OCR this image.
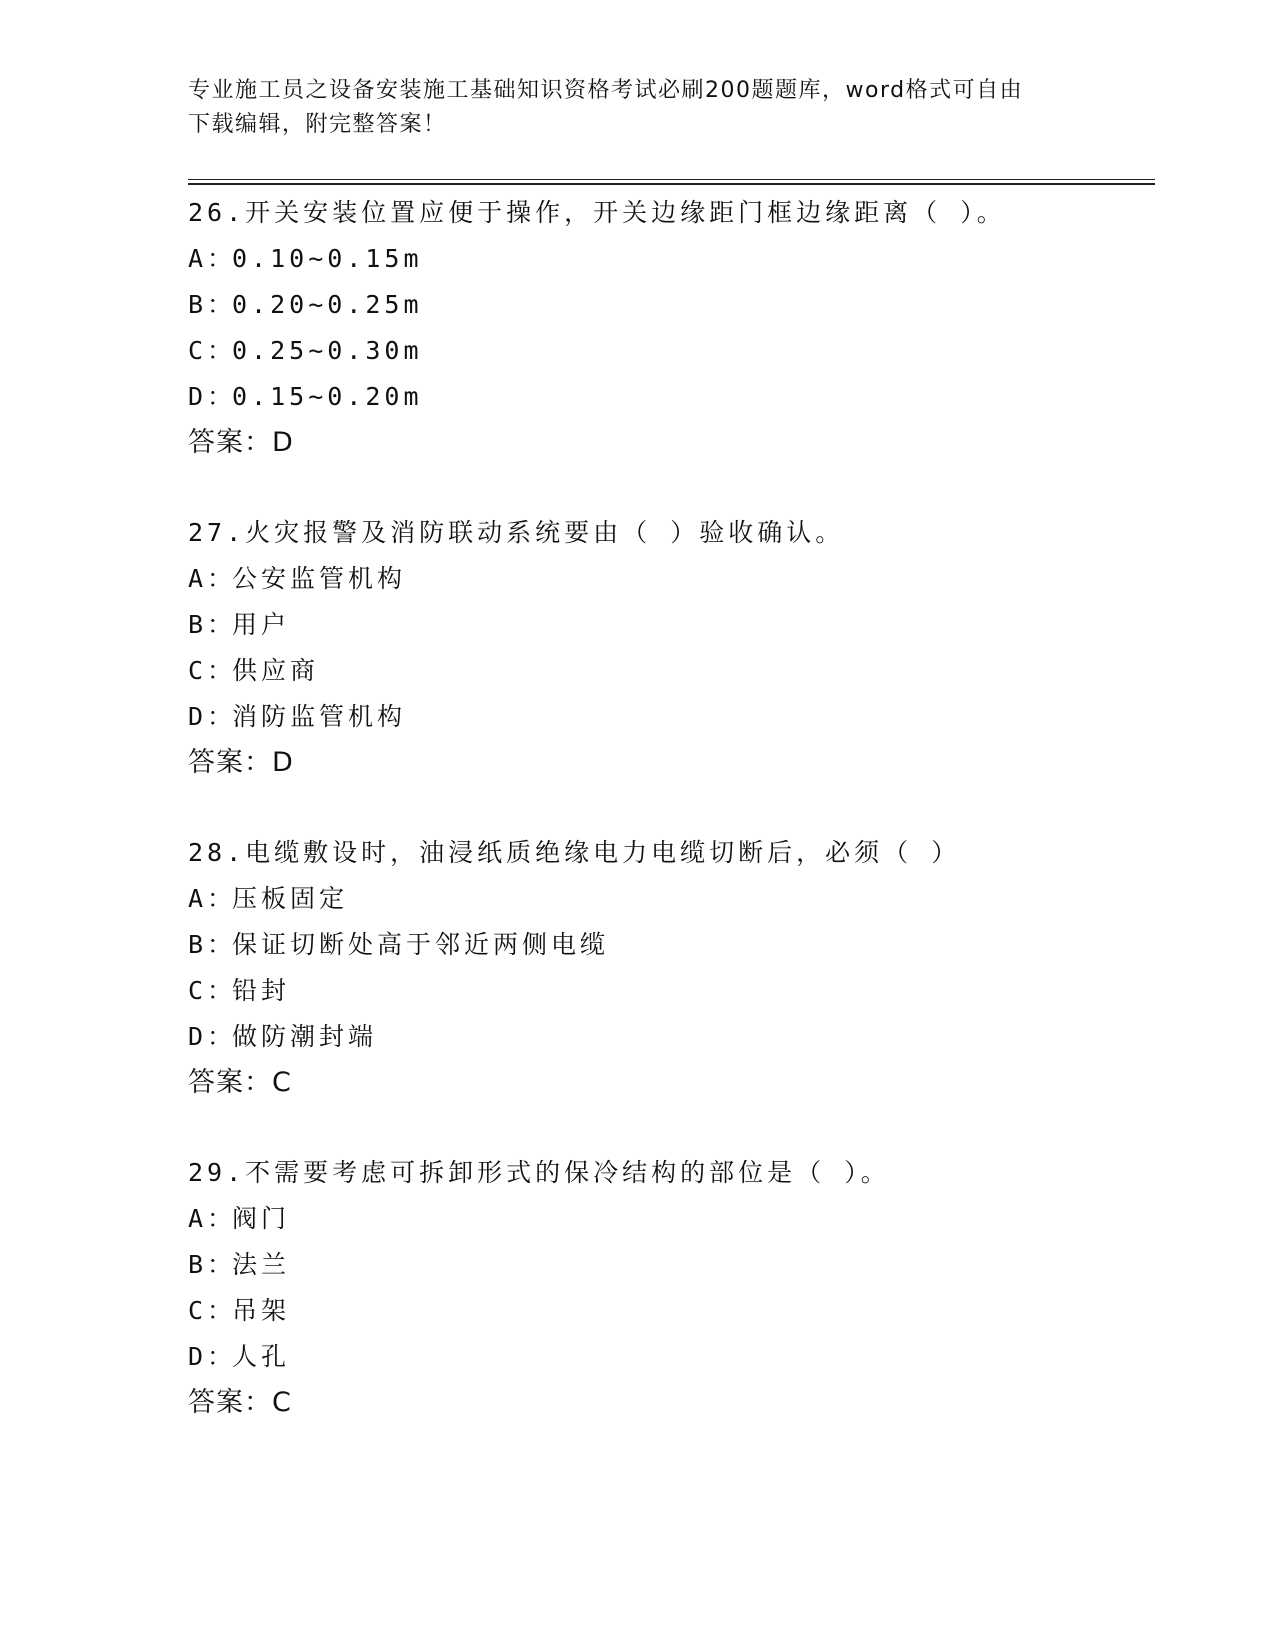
专业施工员之设备安装施工基础知识资格考试必刷200题题库，word格式可自由
下载编辑，附完整答案！
26.开关安装位置应便于操作，开关边缘距门框边缘距离（ ）。
A：0.10~0.15m
B：0.20~0.25m
C：0.25~0.30m
D：0.15~0.20m
答案：D
27.火灾报警及消防联动系统要由（ ）验收确认。
A：公安监管机构
B：用户
C：供应商
D：消防监管机构
答案：D
28.电缆敷设时，油浸纸质绝缘电力电缆切断后，必须（ ）
A：压板固定
B：保证切断处高于邻近两侧电缆
C：铅封
D：做防潮封端
答案：C
29.不需要考虑可拆卸形式的保冷结构的部位是（ ）。
A：阀门
B：法兰
C：吊架
D：人孔
答案：C
